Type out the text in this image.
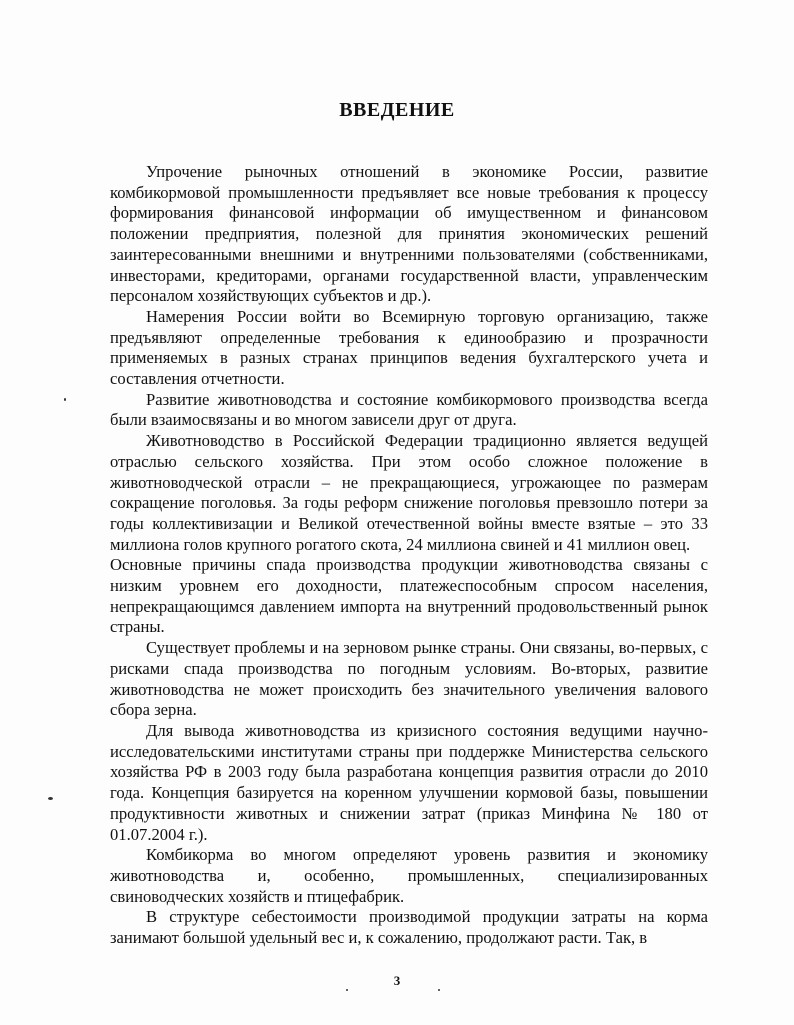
ВВЕДЕНИЕ

Упрочение рыночных отношений в экономике России, развитие комбикормовой промышленности предъявляет все новые требования к процессу формирования финансовой информации об имущественном и финансовом положении предприятия, полезной для принятия экономических решений заинтересованными внешними и внутренними пользователями (собственниками, инвесторами, кредиторами, органами государственной власти, управленческим персоналом хозяйствующих субъектов и др.).

Намерения России войти во Всемирную торговую организацию, также предъявляют определенные требования к единообразию и прозрачности применяемых в разных странах принципов ведения бухгалтерского учета и составления отчетности.

Развитие животноводства и состояние комбикормового производства всегда были взаимосвязаны и во многом зависели друг от друга.

Животноводство в Российской Федерации традиционно является ведущей отраслью сельского хозяйства. При этом особо сложное положение в животноводческой отрасли – не прекращающиеся, угрожающее по размерам сокращение поголовья. За годы реформ снижение поголовья превзошло потери за годы коллективизации и Великой отечественной войны вместе взятые – это 33 миллиона голов крупного рогатого скота, 24 миллиона свиней и 41 миллион овец.

Основные причины спада производства продукции животноводства связаны с низким уровнем его доходности, платежеспособным спросом населения, непрекращающимся давлением импорта на внутренний продовольственный рынок страны.

Существует проблемы и на зерновом рынке страны. Они связаны, во-первых, с рисками спада производства по погодным условиям. Во-вторых, развитие животноводства не может происходить без значительного увеличения валового сбора зерна.

Для вывода животноводства из кризисного состояния ведущими научно-исследовательскими институтами страны при поддержке Министерства сельского хозяйства РФ в 2003 году была разработана концепция развития отрасли до 2010 года. Концепция базируется на коренном улучшении кормовой базы, повышении продуктивности животных и снижении затрат (приказ Минфина № 180 от 01.07.2004 г.).

Комбикорма во многом определяют уровень развития и экономику животноводства и, особенно, промышленных, специализированных свиноводческих хозяйств и птицефабрик.

В структуре себестоимости производимой продукции затраты на корма занимают большой удельный вес и, к сожалению, продолжают расти. Так, в

3
